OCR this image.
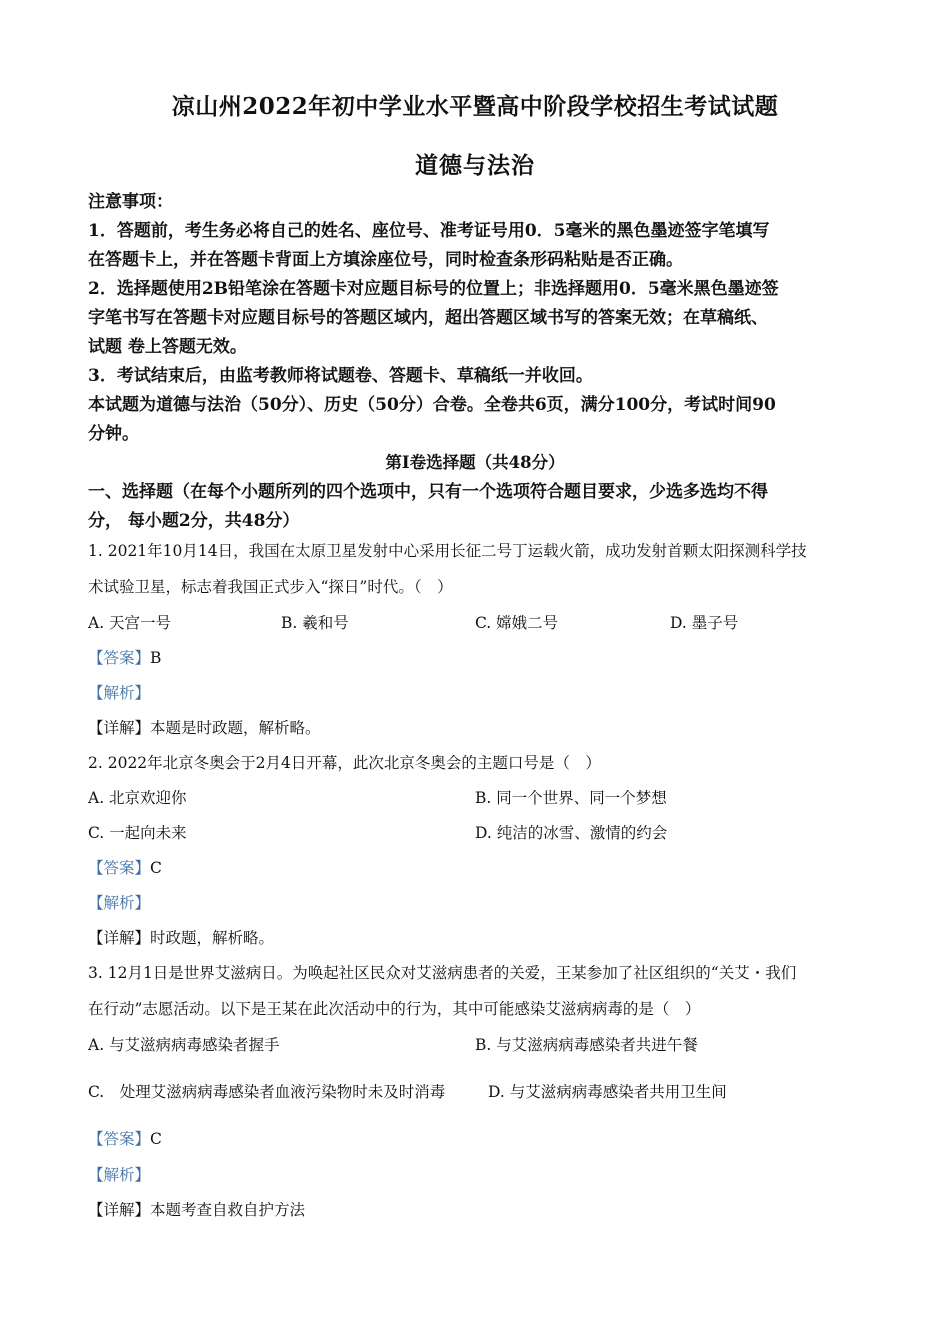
凉山州2022年初中学业水平暨高中阶段学校招生考试试题
道德与法治
注意事项：
1．答题前，考生务必将自己的姓名、座位号、准考证号用0．5毫米的黑色墨迹签字笔填写
在答题卡上，并在答题卡背面上方填涂座位号，同时检查条形码粘贴是否正确。
2．选择题使用2B铅笔涂在答题卡对应题目标号的位置上；非选择题用0．5毫米黑色墨迹签
字笔书写在答题卡对应题目标号的答题区域内，超出答题区域书写的答案无效；在草稿纸、
试题 卷上答题无效。
3．考试结束后，由监考教师将试题卷、答题卡、草稿纸一并收回。
本试题为道德与法治（50分）、历史（50分）合卷。全卷共6页，满分100分，考试时间90
分钟。
第I卷选择题（共48分）
一、选择题（在每个小题所列的四个选项中，只有一个选项符合题目要求，少选多选均不得
分， 每小题2分，共48分）
1. 2021年10月14日，我国在太原卫星发射中心采用长征二号丁运载火箭，成功发射首颗太阳探测科学技
术试验卫星，标志着我国正式步入“探日”时代。（　）
A. 天宫一号	B. 羲和号	C. 嫦娥二号	D. 墨子号
【答案】B
【解析】
【详解】本题是时政题，解析略。
2. 2022年北京冬奥会于2月4日开幕，此次北京冬奥会的主题口号是（　）
A. 北京欢迎你	B. 同一个世界、同一个梦想
C. 一起向未来	D. 纯洁的冰雪、激情的约会
【答案】C
【解析】
【详解】时政题，解析略。
3. 12月1日是世界艾滋病日。为唤起社区民众对艾滋病患者的关爱，王某参加了社区组织的“关艾・我们
在行动”志愿活动。以下是王某在此次活动中的行为，其中可能感染艾滋病病毒的是（　）
A. 与艾滋病病毒感染者握手	B. 与艾滋病病毒感染者共进午餐
C.　处理艾滋病病毒感染者血液污染物时未及时消毒	D. 与艾滋病病毒感染者共用卫生间
【答案】C
【解析】
【详解】本题考查自救自护方法
